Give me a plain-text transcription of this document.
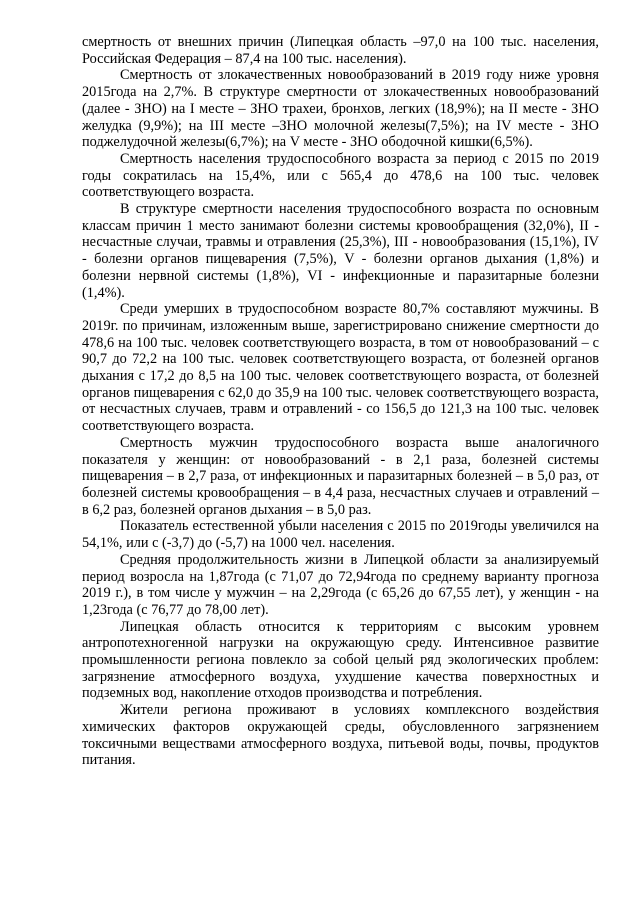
смертность от внешних причин (Липецкая область –97,0 на 100 тыс. населения, Российская Федерация – 87,4 на 100 тыс. населения).

Смертность от злокачественных новообразований в 2019 году ниже уровня 2015года на 2,7%. В структуре смертности от злокачественных новообразований (далее - ЗНО) на I месте – ЗНО трахеи, бронхов, легких (18,9%); на II месте - ЗНО желудка (9,9%); на III месте –ЗНО молочной железы(7,5%); на IV месте - ЗНО поджелудочной железы(6,7%); на V месте - ЗНО ободочной кишки(6,5%).

Смертность населения трудоспособного возраста за период с 2015 по 2019 годы сократилась на 15,4%, или с 565,4 до 478,6 на 100 тыс. человек соответствующего возраста.

В структуре смертности населения трудоспособного возраста по основным классам причин 1 место занимают болезни системы кровообращения (32,0%), II - несчастные случаи, травмы и отравления (25,3%), III - новообразования (15,1%), IV - болезни органов пищеварения (7,5%), V - болезни органов дыхания (1,8%) и болезни нервной системы (1,8%), VI - инфекционные и паразитарные болезни (1,4%).

Среди умерших в трудоспособном возрасте 80,7% составляют мужчины. В 2019г. по причинам, изложенным выше, зарегистрировано снижение смертности до 478,6 на 100 тыс. человек соответствующего возраста, в том от новообразований – с 90,7 до 72,2 на 100 тыс. человек соответствующего возраста, от болезней органов дыхания с 17,2 до 8,5 на 100 тыс. человек соответствующего возраста, от болезней органов пищеварения с 62,0 до 35,9 на 100 тыс. человек соответствующего возраста, от несчастных случаев, травм и отравлений - со 156,5 до 121,3 на 100 тыс. человек соответствующего возраста.

Смертность мужчин трудоспособного возраста выше аналогичного показателя у женщин: от новообразований - в 2,1 раза, болезней системы пищеварения – в 2,7 раза, от инфекционных и паразитарных болезней – в 5,0 раз, от болезней системы кровообращения – в 4,4 раза, несчастных случаев и отравлений – в 6,2 раз, болезней органов дыхания – в 5,0 раз.

Показатель естественной убыли населения с 2015 по 2019годы увеличился на 54,1%, или с (-3,7) до (-5,7) на 1000 чел. населения.

Средняя продолжительность жизни в Липецкой области за анализируемый период возросла на 1,87года (с 71,07 до 72,94года по среднему варианту прогноза 2019 г.), в том числе у мужчин – на 2,29года (с 65,26 до 67,55 лет), у женщин - на 1,23года (с 76,77 до 78,00 лет).

Липецкая область относится к территориям с высоким уровнем антропотехногенной нагрузки на окружающую среду. Интенсивное развитие промышленности региона повлекло за собой целый ряд экологических проблем: загрязнение атмосферного воздуха, ухудшение качества поверхностных и подземных вод, накопление отходов производства и потребления.

Жители региона проживают в условиях комплексного воздействия химических факторов окружающей среды, обусловленного загрязнением токсичными веществами атмосферного воздуха, питьевой воды, почвы, продуктов питания.
